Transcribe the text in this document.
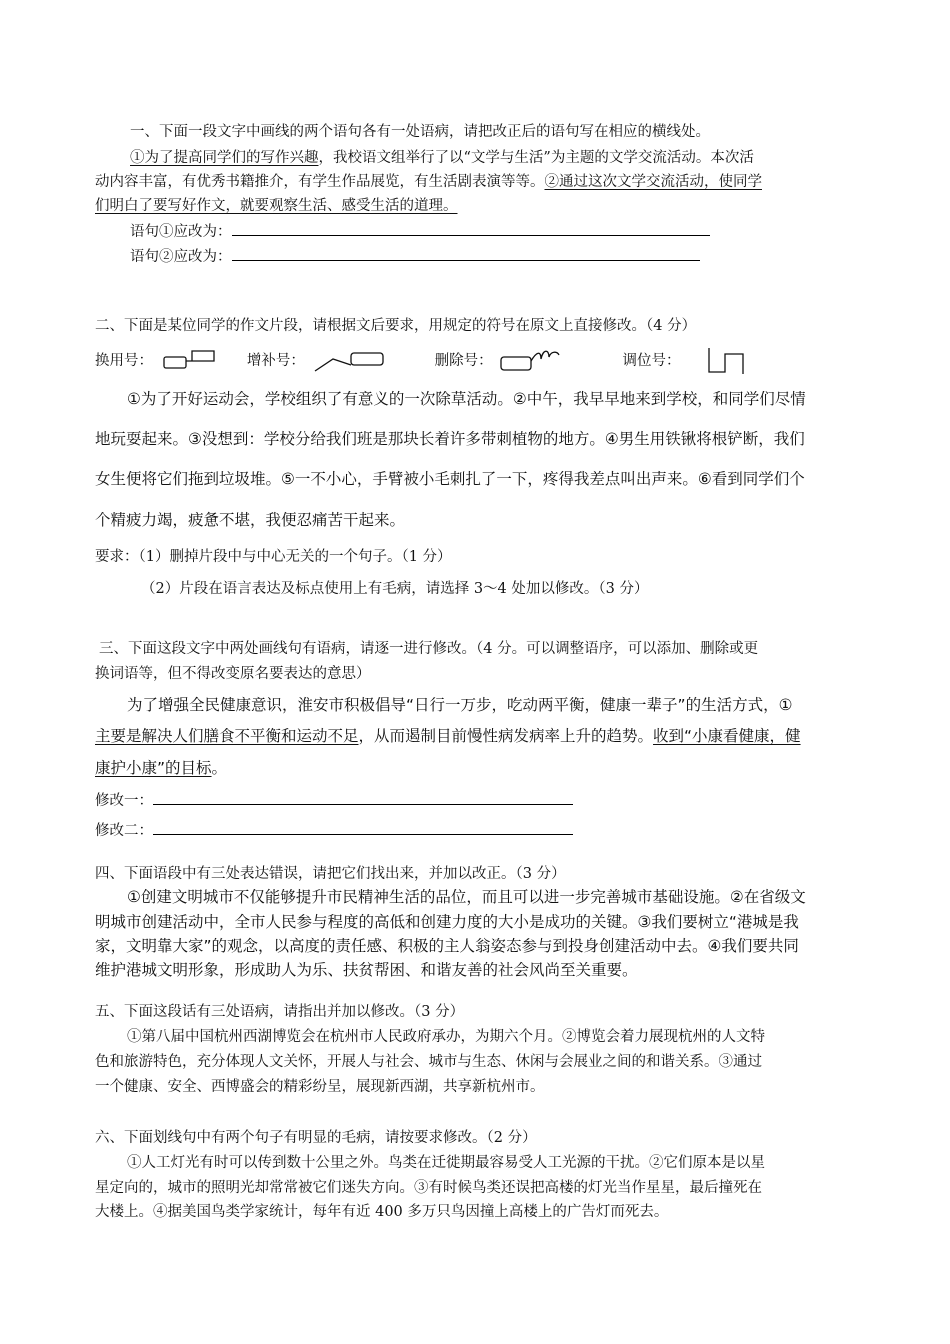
一、下面一段文字中画线的两个语句各有一处语病，请把改正后的语句写在相应的横线处。
①为了提高同学们的写作兴趣，我校语文组举行了以“文学与生活”为主题的文学交流活动。本次活
动内容丰富，有优秀书籍推介，有学生作品展览，有生活剧表演等等。②通过这次文学交流活动，使同学
们明白了要写好作文，就要观察生活、感受生活的道理。
语句①应改为：
语句②应改为：
二、下面是某位同学的作文片段，请根据文后要求，用规定的符号在原文上直接修改。（4 分）
换用号：	增补号：	删除号：	调位号：
①为了开好运动会，学校组织了有意义的一次除草活动。②中午，我早早地来到学校，和同学们尽情
地玩耍起来。③没想到：学校分给我们班是那块长着许多带刺植物的地方。④男生用铁锹将根铲断，我们
女生便将它们拖到垃圾堆。⑤一不小心，手臂被小毛刺扎了一下，疼得我差点叫出声来。⑥看到同学们个
个精疲力竭，疲惫不堪，我便忍痛苦干起来。
要求：（1）删掉片段中与中心无关的一个句子。（1 分）
（2）片段在语言表达及标点使用上有毛病，请选择 3～4 处加以修改。（3 分）
三、下面这段文字中两处画线句有语病，请逐一进行修改。（4 分。可以调整语序，可以添加、删除或更
换词语等，但不得改变原名要表达的意思）
为了增强全民健康意识，淮安市积极倡导“日行一万步，吃动两平衡，健康一辈子”的生活方式，①
主要是解决人们膳食不平衡和运动不足，从而遏制目前慢性病发病率上升的趋势。收到“小康看健康，健
康护小康”的目标。
修改一：
修改二：
四、下面语段中有三处表达错误，请把它们找出来，并加以改正。（3 分）
①创建文明城市不仅能够提升市民精神生活的品位，而且可以进一步完善城市基础设施。②在省级文
明城市创建活动中，全市人民参与程度的高低和创建力度的大小是成功的关键。③我们要树立“港城是我
家，文明靠大家”的观念，以高度的责任感、积极的主人翁姿态参与到投身创建活动中去。④我们要共同
维护港城文明形象，形成助人为乐、扶贫帮困、和谐友善的社会风尚至关重要。
五、下面这段话有三处语病，请指出并加以修改。（3 分）
①第八届中国杭州西湖博览会在杭州市人民政府承办，为期六个月。②博览会着力展现杭州的人文特
色和旅游特色，充分体现人文关怀，开展人与社会、城市与生态、休闲与会展业之间的和谐关系。③通过
一个健康、安全、西博盛会的精彩纷呈，展现新西湖，共享新杭州市。
六、下面划线句中有两个句子有明显的毛病，请按要求修改。（2 分）
①人工灯光有时可以传到数十公里之外。鸟类在迁徙期最容易受人工光源的干扰。②它们原本是以星
星定向的，城市的照明光却常常被它们迷失方向。③有时候鸟类还误把高楼的灯光当作星星，最后撞死在
大楼上。④据美国鸟类学家统计，每年有近 400 多万只鸟因撞上高楼上的广告灯而死去。
